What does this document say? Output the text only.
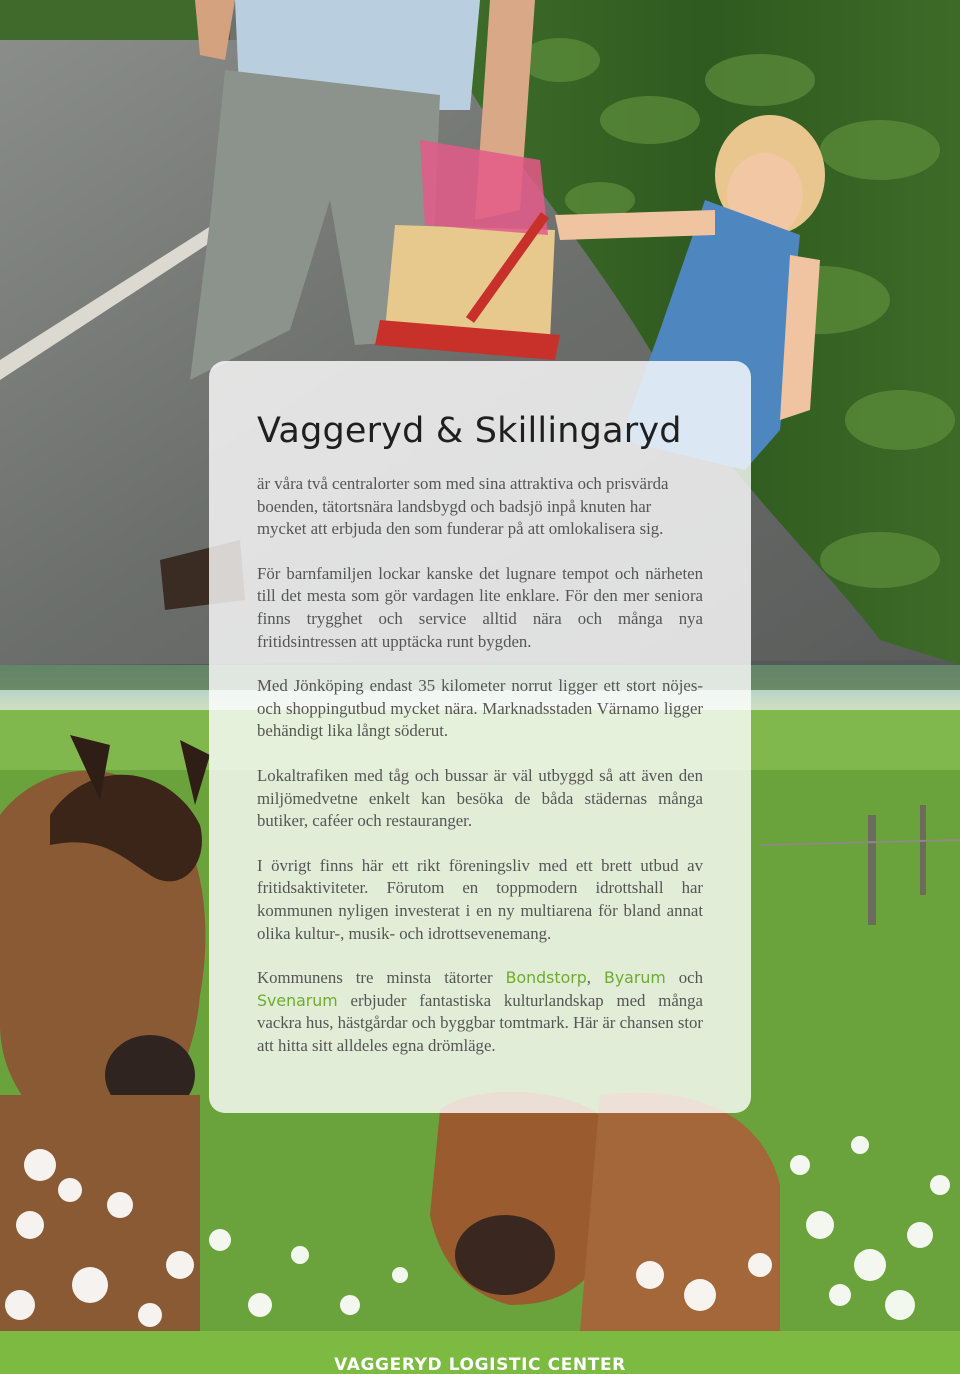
Vaggeryd & Skillingaryd

är våra två centralorter som med sina attraktiva och prisvärda boenden, tätortsnära landsbygd och badsjö inpå knuten har mycket att erbjuda den som funderar på att omlokalisera sig.

För barnfamiljen lockar kanske det lugnare tempot och närheten till det mesta som gör vardagen lite enklare. För den mer seniora finns trygghet och service alltid nära och många nya fritidsintressen att upptäcka runt bygden.

Med Jönköping endast 35 kilometer norrut ligger ett stort nöjes- och shoppingutbud mycket nära. Marknadsstaden Värnamo ligger behändigt lika långt söderut.

Lokaltrafiken med tåg och bussar är väl utbyggd så att även den miljömedvetne enkelt kan besöka de båda städernas många butiker, caféer och restauranger.

I övrigt finns här ett rikt föreningsliv med ett brett utbud av fritidsaktiviteter. Förutom en toppmodern idrottshall har kommunen nyligen investerat i en ny multiarena för bland annat olika kultur-, musik- och idrottsevenemang.

Kommunens tre minsta tätorter Bondstorp, Byarum och Svenarum erbjuder fantastiska kulturlandskap med många vackra hus, hästgårdar och byggbar tomtmark. Här är chansen stor att hitta sitt alldeles egna drömläge.

VAGGERYD LOGISTIC CENTER
